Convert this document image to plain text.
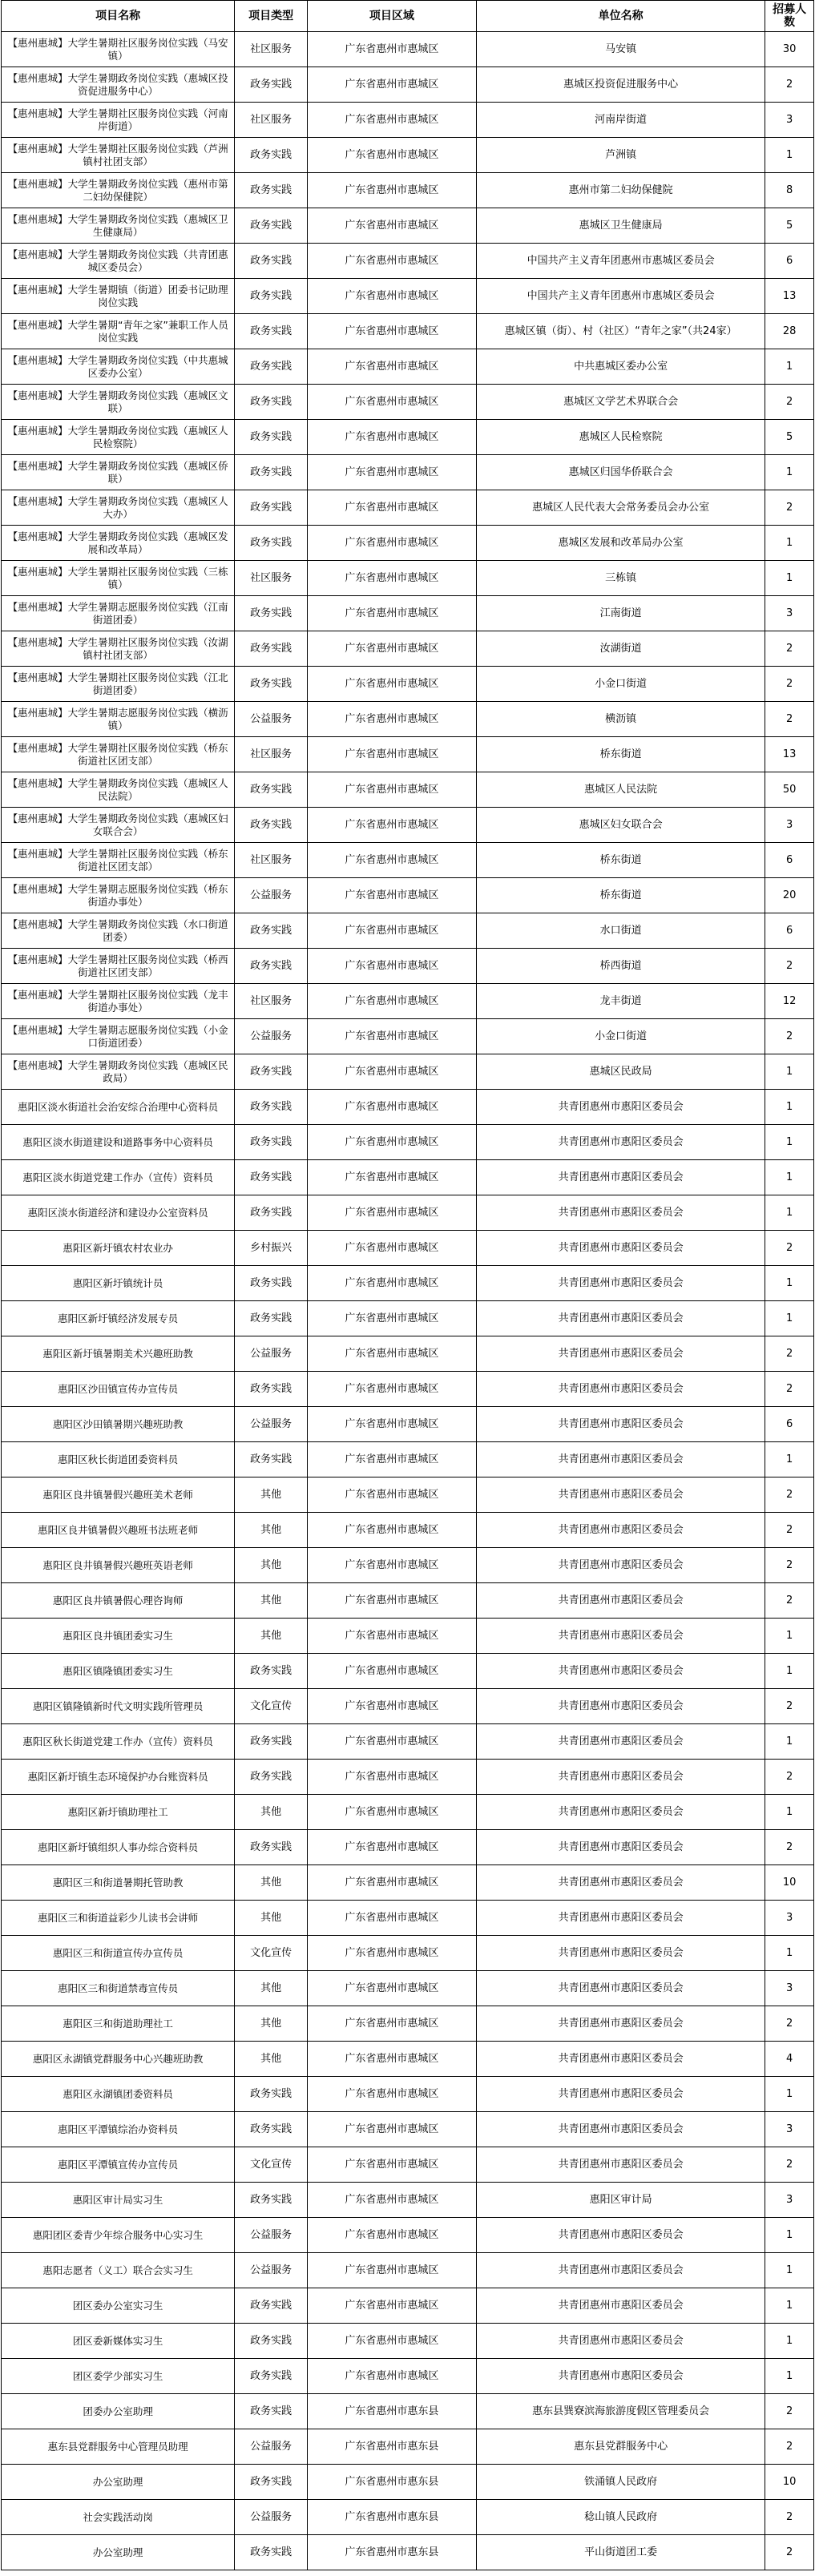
项目名称	项目类型	项目区域	单位名称	招募人数
【惠州惠城】大学生暑期社区服务岗位实践（马安镇）	社区服务	广东省惠州市惠城区	马安镇	30
【惠州惠城】大学生暑期政务岗位实践（惠城区投资促进服务中心）	政务实践	广东省惠州市惠城区	惠城区投资促进服务中心	2
【惠州惠城】大学生暑期社区服务岗位实践（河南岸街道）	社区服务	广东省惠州市惠城区	河南岸街道	3
【惠州惠城】大学生暑期社区服务岗位实践（芦洲镇村社团支部）	政务实践	广东省惠州市惠城区	芦洲镇	1
【惠州惠城】大学生暑期政务岗位实践（惠州市第二妇幼保健院）	政务实践	广东省惠州市惠城区	惠州市第二妇幼保健院	8
【惠州惠城】大学生暑期政务岗位实践（惠城区卫生健康局）	政务实践	广东省惠州市惠城区	惠城区卫生健康局	5
【惠州惠城】大学生暑期政务岗位实践（共青团惠城区委员会）	政务实践	广东省惠州市惠城区	中国共产主义青年团惠州市惠城区委员会	6
【惠州惠城】大学生暑期镇（街道）团委书记助理岗位实践	政务实践	广东省惠州市惠城区	中国共产主义青年团惠州市惠城区委员会	13
【惠州惠城】大学生暑期“青年之家”兼职工作人员岗位实践	政务实践	广东省惠州市惠城区	惠城区镇（街）、村（社区）“青年之家”（共24家）	28
【惠州惠城】大学生暑期政务岗位实践（中共惠城区委办公室）	政务实践	广东省惠州市惠城区	中共惠城区委办公室	1
【惠州惠城】大学生暑期政务岗位实践（惠城区文联）	政务实践	广东省惠州市惠城区	惠城区文学艺术界联合会	2
【惠州惠城】大学生暑期政务岗位实践（惠城区人民检察院）	政务实践	广东省惠州市惠城区	惠城区人民检察院	5
【惠州惠城】大学生暑期政务岗位实践（惠城区侨联）	政务实践	广东省惠州市惠城区	惠城区归国华侨联合会	1
【惠州惠城】大学生暑期政务岗位实践（惠城区人大办）	政务实践	广东省惠州市惠城区	惠城区人民代表大会常务委员会办公室	2
【惠州惠城】大学生暑期政务岗位实践（惠城区发展和改革局）	政务实践	广东省惠州市惠城区	惠城区发展和改革局办公室	1
【惠州惠城】大学生暑期社区服务岗位实践（三栋镇）	社区服务	广东省惠州市惠城区	三栋镇	1
【惠州惠城】大学生暑期志愿服务岗位实践（江南街道团委）	政务实践	广东省惠州市惠城区	江南街道	3
【惠州惠城】大学生暑期社区服务岗位实践（汝湖镇村社团支部）	政务实践	广东省惠州市惠城区	汝湖街道	2
【惠州惠城】大学生暑期社区服务岗位实践（江北街道团委）	政务实践	广东省惠州市惠城区	小金口街道	2
【惠州惠城】大学生暑期志愿服务岗位实践（横沥镇）	公益服务	广东省惠州市惠城区	横沥镇	2
【惠州惠城】大学生暑期社区服务岗位实践（桥东街道社区团支部）	社区服务	广东省惠州市惠城区	桥东街道	13
【惠州惠城】大学生暑期政务岗位实践（惠城区人民法院）	政务实践	广东省惠州市惠城区	惠城区人民法院	50
【惠州惠城】大学生暑期政务岗位实践（惠城区妇女联合会）	政务实践	广东省惠州市惠城区	惠城区妇女联合会	3
【惠州惠城】大学生暑期社区服务岗位实践（桥东街道社区团支部）	社区服务	广东省惠州市惠城区	桥东街道	6
【惠州惠城】大学生暑期志愿服务岗位实践（桥东街道办事处）	公益服务	广东省惠州市惠城区	桥东街道	20
【惠州惠城】大学生暑期政务岗位实践（水口街道团委）	政务实践	广东省惠州市惠城区	水口街道	6
【惠州惠城】大学生暑期社区服务岗位实践（桥西街道社区团支部）	政务实践	广东省惠州市惠城区	桥西街道	2
【惠州惠城】大学生暑期社区服务岗位实践（龙丰街道办事处）	社区服务	广东省惠州市惠城区	龙丰街道	12
【惠州惠城】大学生暑期志愿服务岗位实践（小金口街道团委）	公益服务	广东省惠州市惠城区	小金口街道	2
【惠州惠城】大学生暑期政务岗位实践（惠城区民政局）	政务实践	广东省惠州市惠城区	惠城区民政局	1
惠阳区淡水街道社会治安综合治理中心资料员	政务实践	广东省惠州市惠城区	共青团惠州市惠阳区委员会	1
惠阳区淡水街道建设和道路事务中心资料员	政务实践	广东省惠州市惠城区	共青团惠州市惠阳区委员会	1
惠阳区淡水街道党建工作办（宣传）资料员	政务实践	广东省惠州市惠城区	共青团惠州市惠阳区委员会	1
惠阳区淡水街道经济和建设办公室资料员	政务实践	广东省惠州市惠城区	共青团惠州市惠阳区委员会	1
惠阳区新圩镇农村农业办	乡村振兴	广东省惠州市惠城区	共青团惠州市惠阳区委员会	2
惠阳区新圩镇统计员	政务实践	广东省惠州市惠城区	共青团惠州市惠阳区委员会	1
惠阳区新圩镇经济发展专员	政务实践	广东省惠州市惠城区	共青团惠州市惠阳区委员会	1
惠阳区新圩镇暑期美术兴趣班助教	公益服务	广东省惠州市惠城区	共青团惠州市惠阳区委员会	2
惠阳区沙田镇宣传办宣传员	政务实践	广东省惠州市惠城区	共青团惠州市惠阳区委员会	2
惠阳区沙田镇暑期兴趣班助教	公益服务	广东省惠州市惠城区	共青团惠州市惠阳区委员会	6
惠阳区秋长街道团委资料员	政务实践	广东省惠州市惠城区	共青团惠州市惠阳区委员会	1
惠阳区良井镇暑假兴趣班美术老师	其他	广东省惠州市惠城区	共青团惠州市惠阳区委员会	2
惠阳区良井镇暑假兴趣班书法班老师	其他	广东省惠州市惠城区	共青团惠州市惠阳区委员会	2
惠阳区良井镇暑假兴趣班英语老师	其他	广东省惠州市惠城区	共青团惠州市惠阳区委员会	2
惠阳区良井镇暑假心理咨询师	其他	广东省惠州市惠城区	共青团惠州市惠阳区委员会	2
惠阳区良井镇团委实习生	其他	广东省惠州市惠城区	共青团惠州市惠阳区委员会	1
惠阳区镇隆镇团委实习生	政务实践	广东省惠州市惠城区	共青团惠州市惠阳区委员会	1
惠阳区镇隆镇新时代文明实践所管理员	文化宣传	广东省惠州市惠城区	共青团惠州市惠阳区委员会	2
惠阳区秋长街道党建工作办（宣传）资料员	政务实践	广东省惠州市惠城区	共青团惠州市惠阳区委员会	1
惠阳区新圩镇生态环境保护办台账资料员	政务实践	广东省惠州市惠城区	共青团惠州市惠阳区委员会	2
惠阳区新圩镇助理社工	其他	广东省惠州市惠城区	共青团惠州市惠阳区委员会	1
惠阳区新圩镇组织人事办综合资料员	政务实践	广东省惠州市惠城区	共青团惠州市惠阳区委员会	2
惠阳区三和街道暑期托管助教	其他	广东省惠州市惠城区	共青团惠州市惠阳区委员会	10
惠阳区三和街道益彩少儿读书会讲师	其他	广东省惠州市惠城区	共青团惠州市惠阳区委员会	3
惠阳区三和街道宣传办宣传员	文化宣传	广东省惠州市惠城区	共青团惠州市惠阳区委员会	1
惠阳区三和街道禁毒宣传员	其他	广东省惠州市惠城区	共青团惠州市惠阳区委员会	3
惠阳区三和街道助理社工	其他	广东省惠州市惠城区	共青团惠州市惠阳区委员会	2
惠阳区永湖镇党群服务中心兴趣班助教	其他	广东省惠州市惠城区	共青团惠州市惠阳区委员会	4
惠阳区永湖镇团委资料员	政务实践	广东省惠州市惠城区	共青团惠州市惠阳区委员会	1
惠阳区平潭镇综治办资料员	政务实践	广东省惠州市惠城区	共青团惠州市惠阳区委员会	3
惠阳区平潭镇宣传办宣传员	文化宣传	广东省惠州市惠城区	共青团惠州市惠阳区委员会	2
惠阳区审计局实习生	政务实践	广东省惠州市惠城区	惠阳区审计局	3
惠阳团区委青少年综合服务中心实习生	公益服务	广东省惠州市惠城区	共青团惠州市惠阳区委员会	1
惠阳志愿者（义工）联合会实习生	公益服务	广东省惠州市惠城区	共青团惠州市惠阳区委员会	1
团区委办公室实习生	政务实践	广东省惠州市惠城区	共青团惠州市惠阳区委员会	1
团区委新媒体实习生	政务实践	广东省惠州市惠城区	共青团惠州市惠阳区委员会	1
团区委学少部实习生	政务实践	广东省惠州市惠城区	共青团惠州市惠阳区委员会	1
团委办公室助理	政务实践	广东省惠州市惠东县	惠东县巽寮滨海旅游度假区管理委员会	2
惠东县党群服务中心管理员助理	公益服务	广东省惠州市惠东县	惠东县党群服务中心	2
办公室助理	政务实践	广东省惠州市惠东县	铁涌镇人民政府	10
社会实践活动岗	公益服务	广东省惠州市惠东县	稔山镇人民政府	2
办公室助理	政务实践	广东省惠州市惠东县	平山街道团工委	2
